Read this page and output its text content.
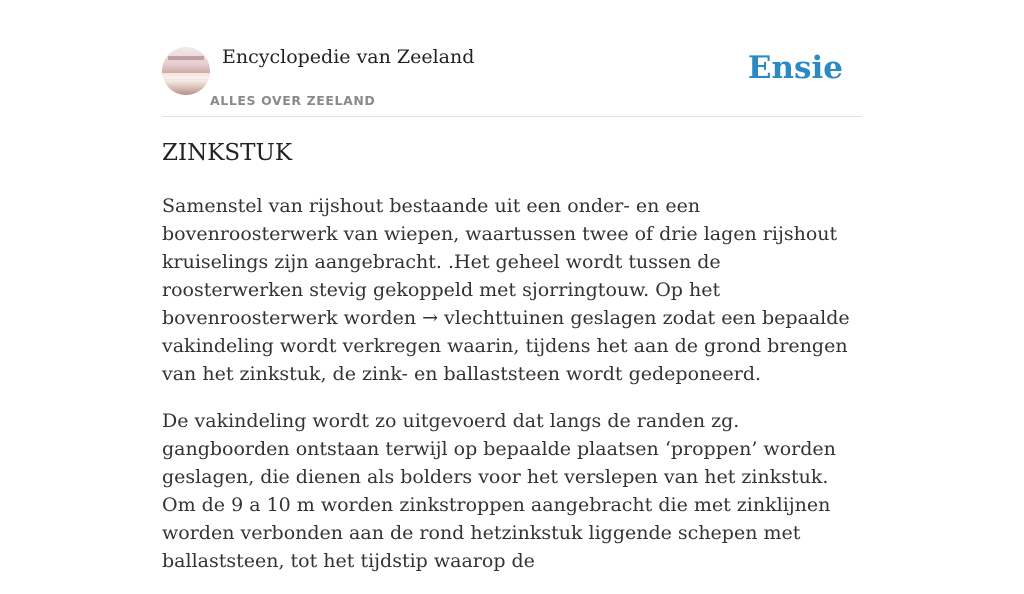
Encyclopedie van Zeeland
ALLES OVER ZEELAND
Ensie
ZINKSTUK

Samenstel van rijshout bestaande uit een onder- en een bovenroosterwerk van wiepen, waartussen twee of drie lagen rijshout kruiselings zijn aangebracht. .Het geheel wordt tussen de roosterwerken stevig gekoppeld met sjorringtouw. Op het bovenroosterwerk worden → vlechttuinen geslagen zodat een bepaalde vakindeling wordt verkregen waarin, tijdens het aan de grond brengen van het zinkstuk, de zink- en ballaststeen wordt gedeponeerd.

De vakindeling wordt zo uitgevoerd dat langs de randen zg. gangboorden ontstaan terwijl op bepaalde plaatsen ‘proppen’ worden geslagen, die dienen als bolders voor het verslepen van het zinkstuk. Om de 9 a 10 m worden zinkstroppen aangebracht die met zinklijnen worden verbonden aan de rond hetzinkstuk liggende schepen met ballaststeen, tot het tijdstip waarop de
